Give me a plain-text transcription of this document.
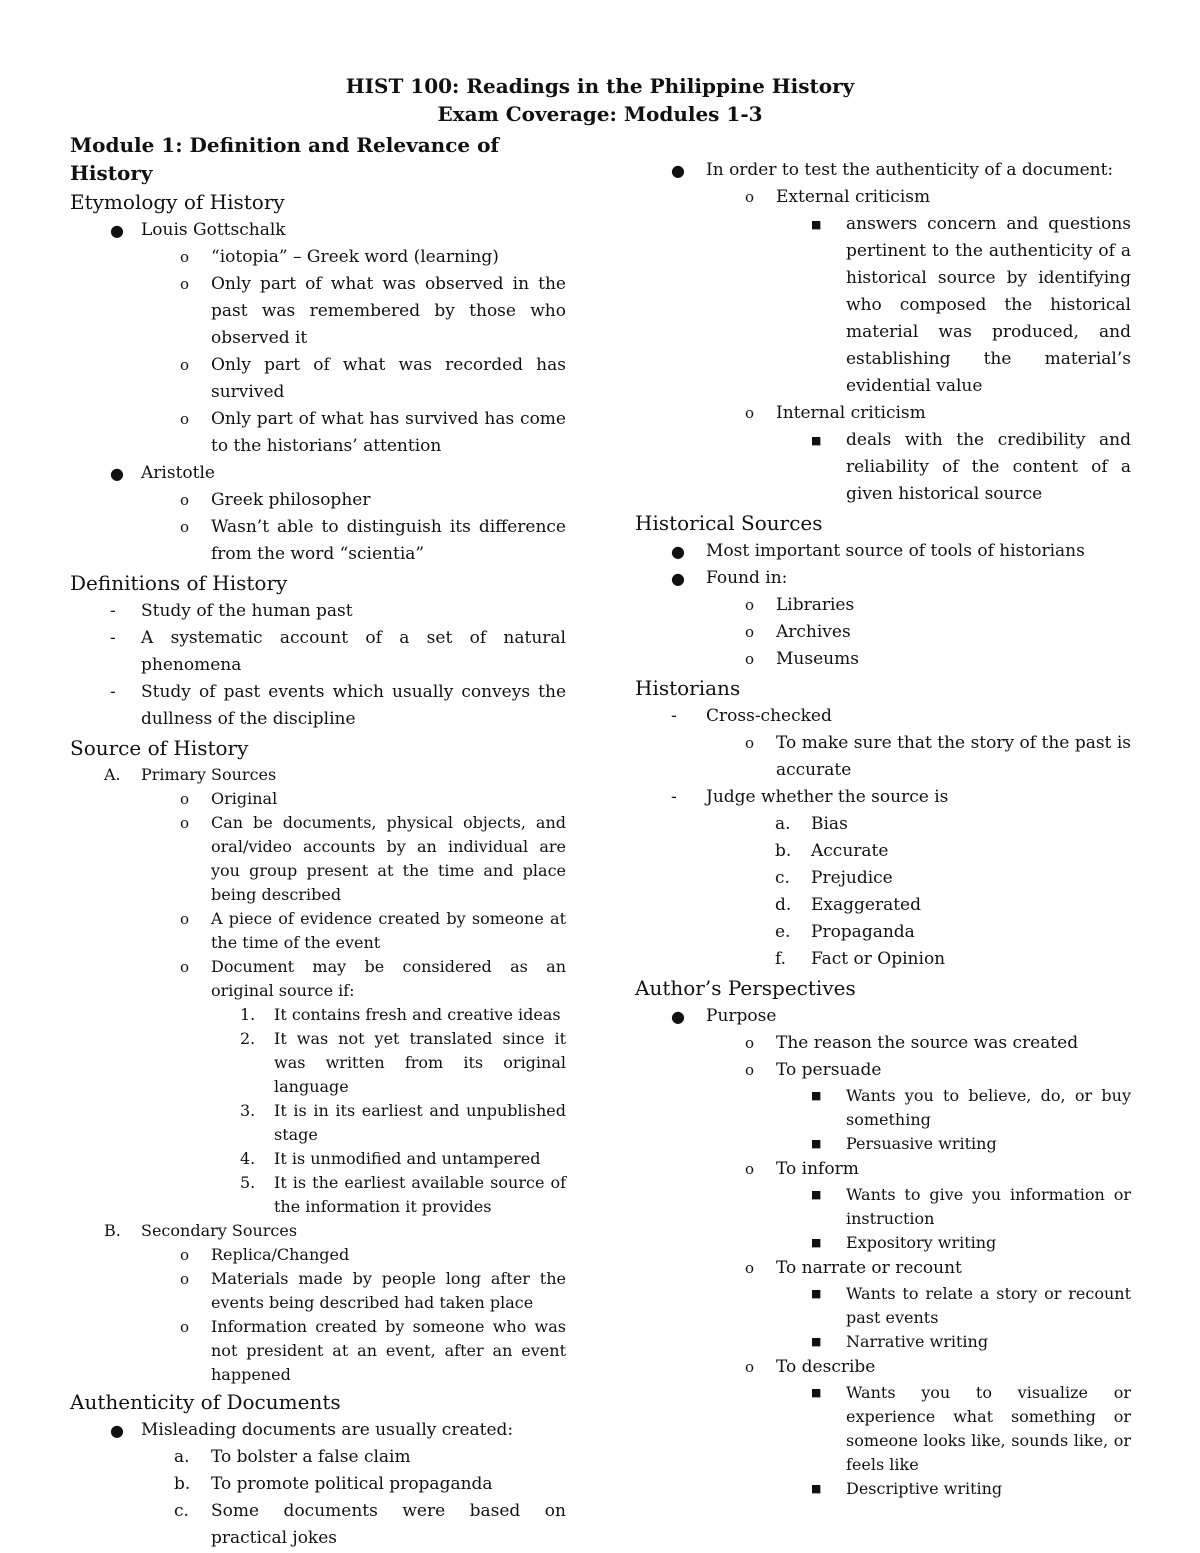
HIST 100: Readings in the Philippine History
Exam Coverage: Modules 1-3
Module 1: Definition and Relevance of History
Etymology of History
● Louis Gottschalk
o “iotopia” – Greek word (learning)
o Only part of what was observed in the past was remembered by those who observed it
o Only part of what was recorded has survived
o Only part of what has survived has come to the historians’ attention
● Aristotle
o Greek philosopher
o Wasn’t able to distinguish its difference from the word “scientia”
Definitions of History
- Study of the human past
- A systematic account of a set of natural phenomena
- Study of past events which usually conveys the dullness of the discipline
Source of History
A. Primary Sources
o Original
o Can be documents, physical objects, and oral/video accounts by an individual are you group present at the time and place being described
o A piece of evidence created by someone at the time of the event
o Document may be considered as an original source if:
1. It contains fresh and creative ideas
2. It was not yet translated since it was written from its original language
3. It is in its earliest and unpublished stage
4. It is unmodified and untampered
5. It is the earliest available source of the information it provides
B. Secondary Sources
o Replica/Changed
o Materials made by people long after the events being described had taken place
o Information created by someone who was not president at an event, after an event happened
Authenticity of Documents
● Misleading documents are usually created:
a. To bolster a false claim
b. To promote political propaganda
c. Some documents were based on practical jokes
● In order to test the authenticity of a document:
o External criticism
■ answers concern and questions pertinent to the authenticity of a historical source by identifying who composed the historical material was produced, and establishing the material’s evidential value
o Internal criticism
■ deals with the credibility and reliability of the content of a given historical source
Historical Sources
● Most important source of tools of historians
● Found in:
o Libraries
o Archives
o Museums
Historians
- Cross-checked
o To make sure that the story of the past is accurate
- Judge whether the source is
a. Bias
b. Accurate
c. Prejudice
d. Exaggerated
e. Propaganda
f. Fact or Opinion
Author’s Perspectives
● Purpose
o The reason the source was created
o To persuade
■ Wants you to believe, do, or buy something
■ Persuasive writing
o To inform
■ Wants to give you information or instruction
■ Expository writing
o To narrate or recount
■ Wants to relate a story or recount past events
■ Narrative writing
o To describe
■ Wants you to visualize or experience what something or someone looks like, sounds like, or feels like
■ Descriptive writing
